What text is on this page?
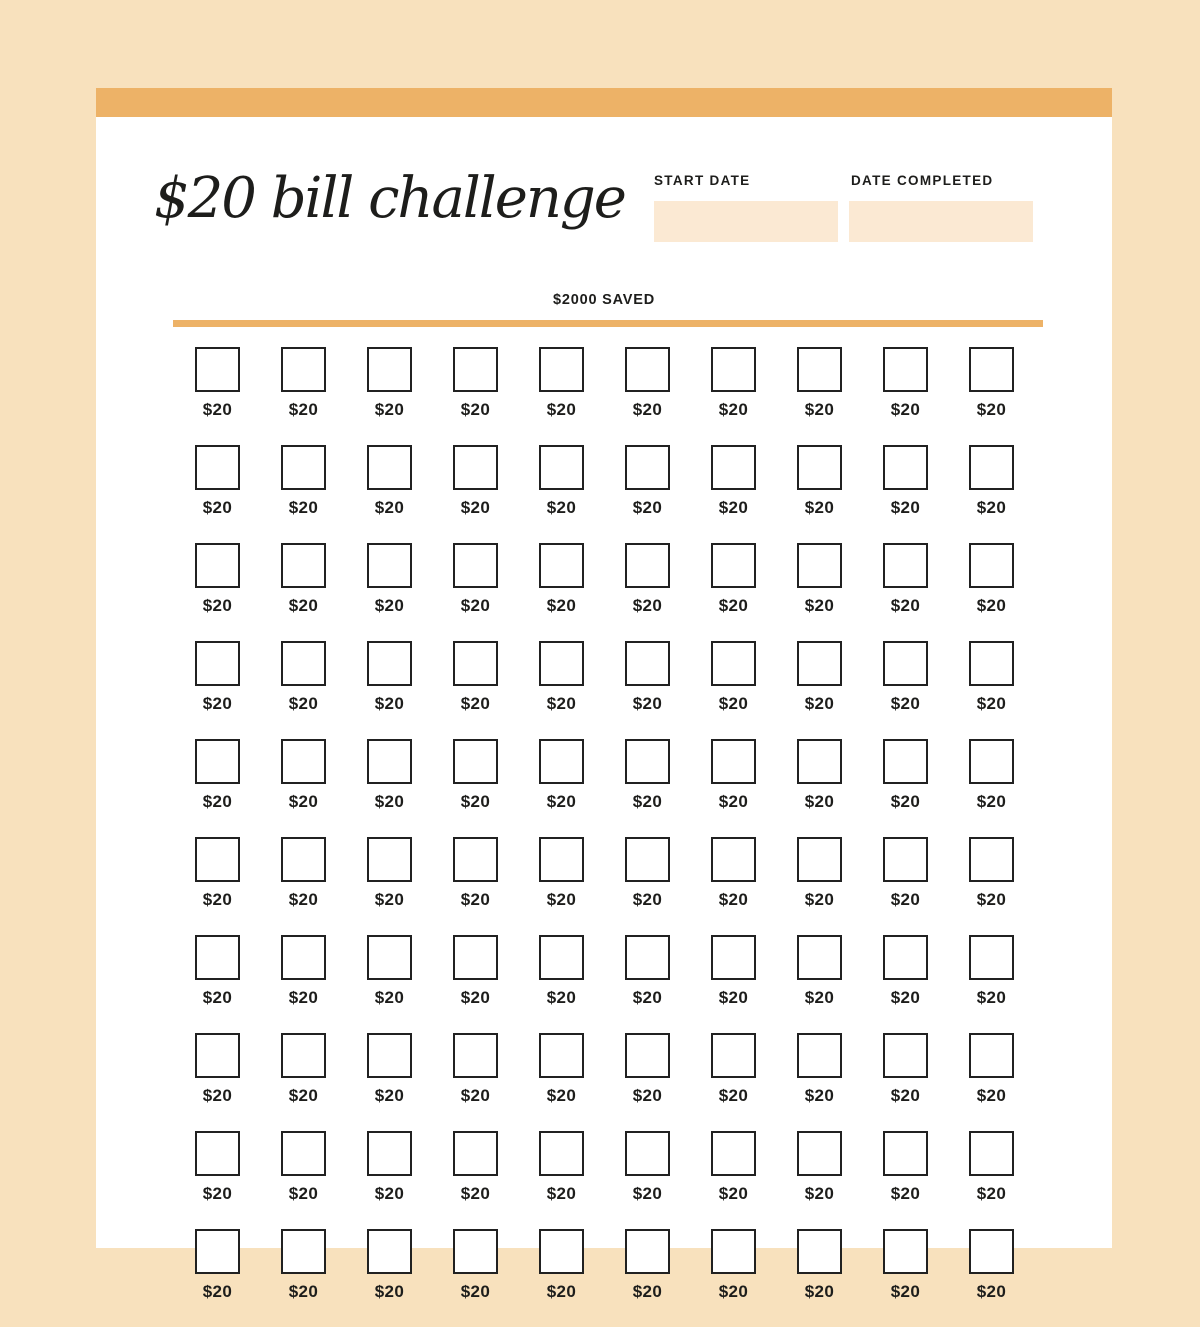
$20 bill challenge START DATE	DATE COMPLETED
$2000 SAVED
$20	$20	$20	$20	$20	$20	$20	$20	$20	$20
$20	$20	$20	$20	$20	$20	$20	$20	$20	$20
$20	$20	$20	$20	$20	$20	$20	$20	$20	$20
$20	$20	$20	$20	$20	$20	$20	$20	$20	$20
$20	$20	$20	$20	$20	$20	$20	$20	$20	$20
$20	$20	$20	$20	$20	$20	$20	$20	$20	$20
$20	$20	$20	$20	$20	$20	$20	$20	$20	$20
$20	$20	$20	$20	$20	$20	$20	$20	$20	$20
$20	$20	$20	$20	$20	$20	$20	$20	$20	$20
$20	$20	$20	$20	$20	$20	$20	$20	$20	$20
